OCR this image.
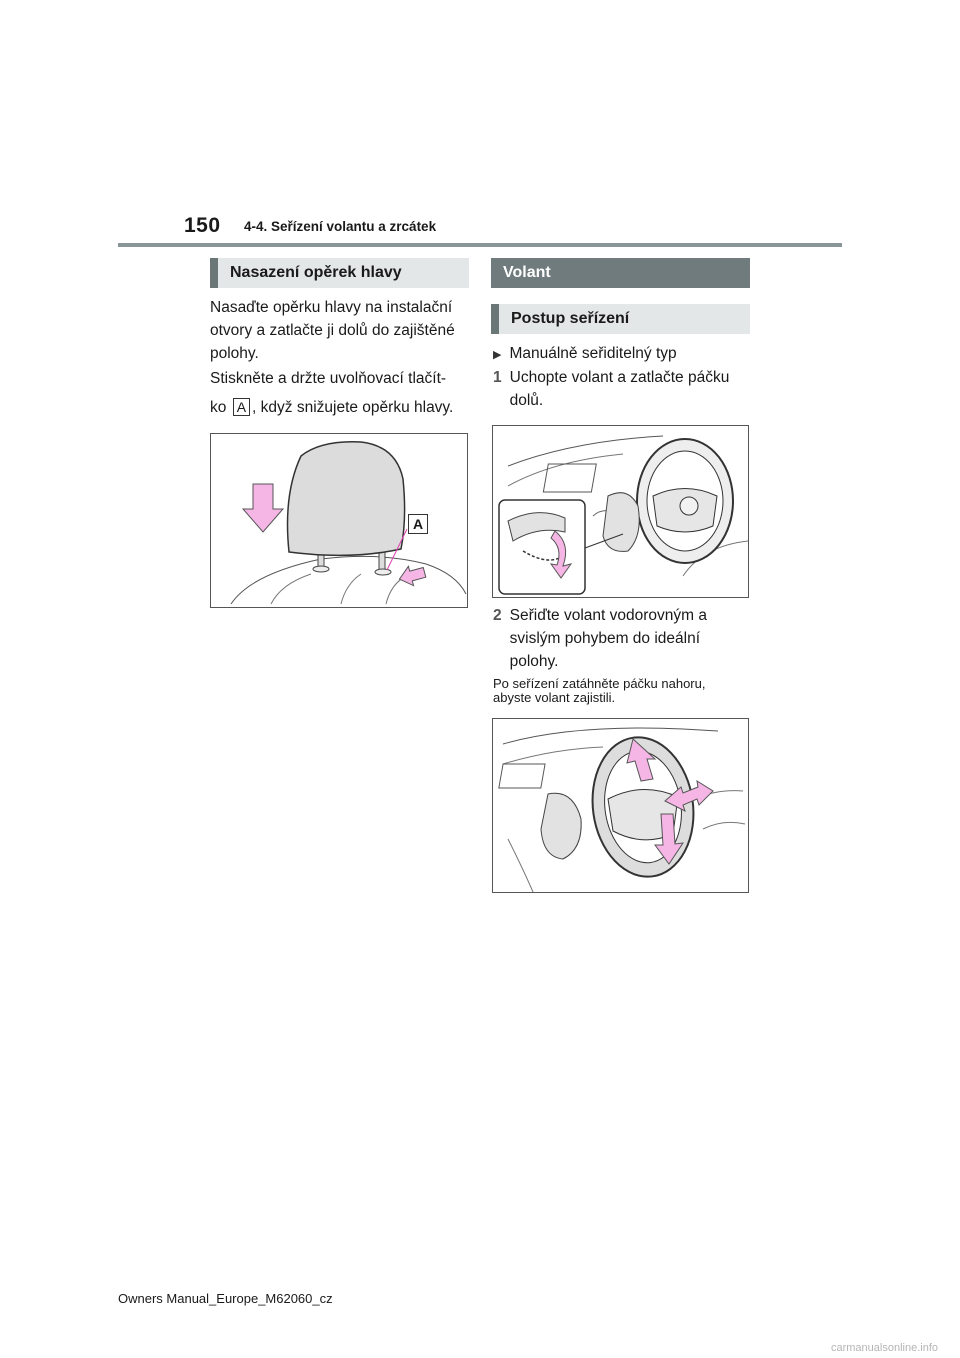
150 4-4. Seřízení volantu a zrcátek
Nasazení opěrek hlavy
Nasaďte opěrku hlavy na instalační otvory a zatlačte ji dolů do zajištěné polohy.
Stiskněte a držte uvolňovací tlačít-
ko A , když snižujete opěrku hlavy.
A
Volant
Postup seřízení
▶ Manuálně seřiditelný typ
1 Uchopte volant a zatlačte páčku dolů.
2 Seřiďte volant vodorovným a svislým pohybem do ideální polohy.
Po seřízení zatáhněte páčku nahoru, abyste volant zajistili.
Owners Manual_Europe_M62060_cz
carmanualsonline.info
